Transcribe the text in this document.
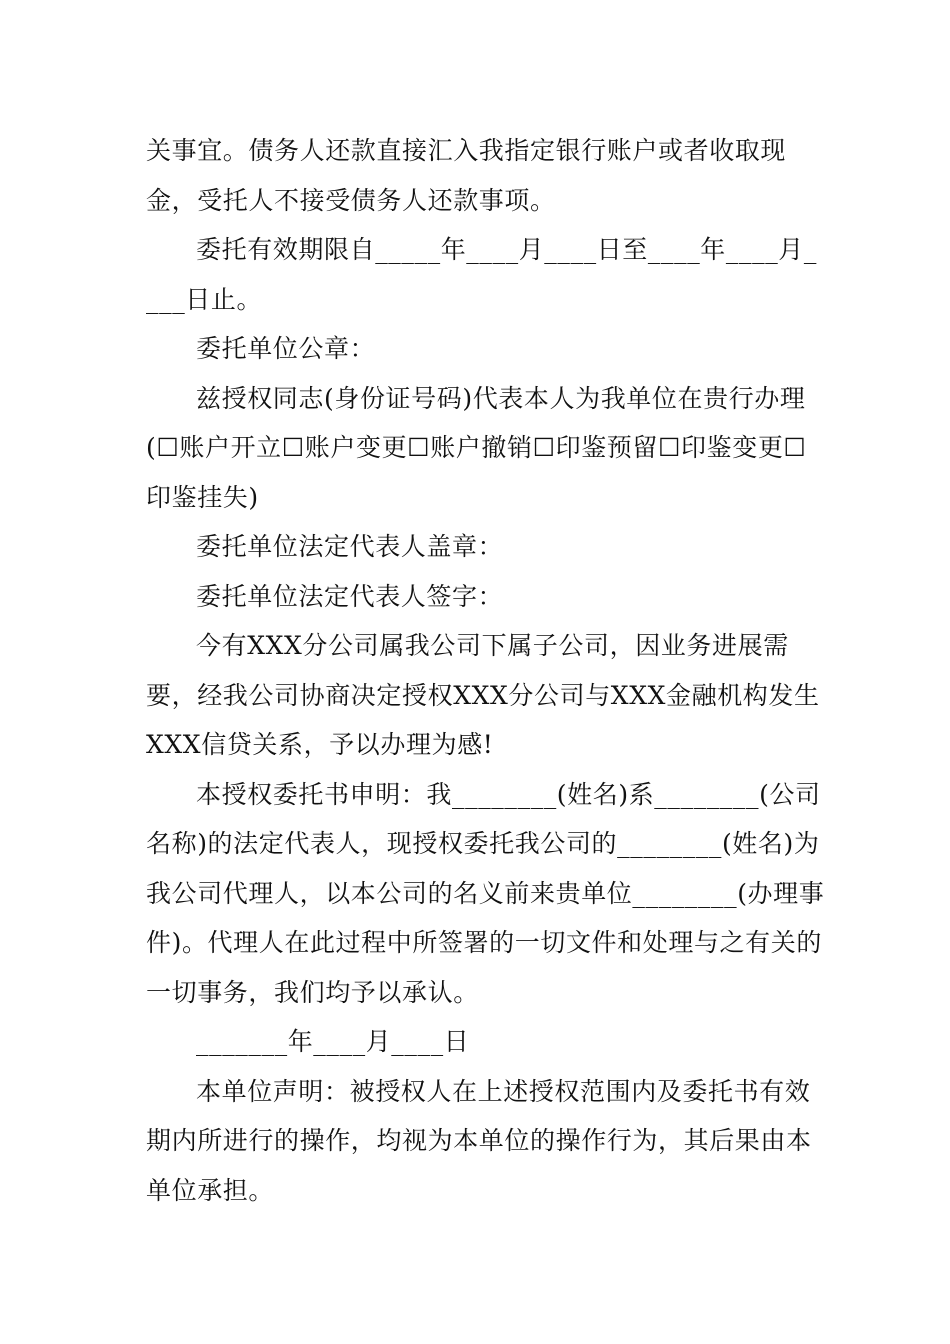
关事宜。债务人还款直接汇入我指定银行账户或者收取现金，受托人不接受债务人还款事项。

委托有效期限自_____年____月____日至____年____月____日止。

委托单位公章：

兹授权同志(身份证号码)代表本人为我单位在贵行办理(☐账户开立☐账户变更☐账户撤销☐印鉴预留☐印鉴变更☐印鉴挂失)

委托单位法定代表人盖章：

委托单位法定代表人签字：

今有XXX分公司属我公司下属子公司，因业务进展需要，经我公司协商决定授权XXX分公司与XXX金融机构发生XXX信贷关系，予以办理为感!

本授权委托书申明：我________(姓名)系________(公司名称)的法定代表人，现授权委托我公司的________(姓名)为我公司代理人，以本公司的名义前来贵单位________(办理事件)。代理人在此过程中所签署的一切文件和处理与之有关的一切事务，我们均予以承认。

_______年____月____日

本单位声明：被授权人在上述授权范围内及委托书有效期内所进行的操作，均视为本单位的操作行为，其后果由本单位承担。
